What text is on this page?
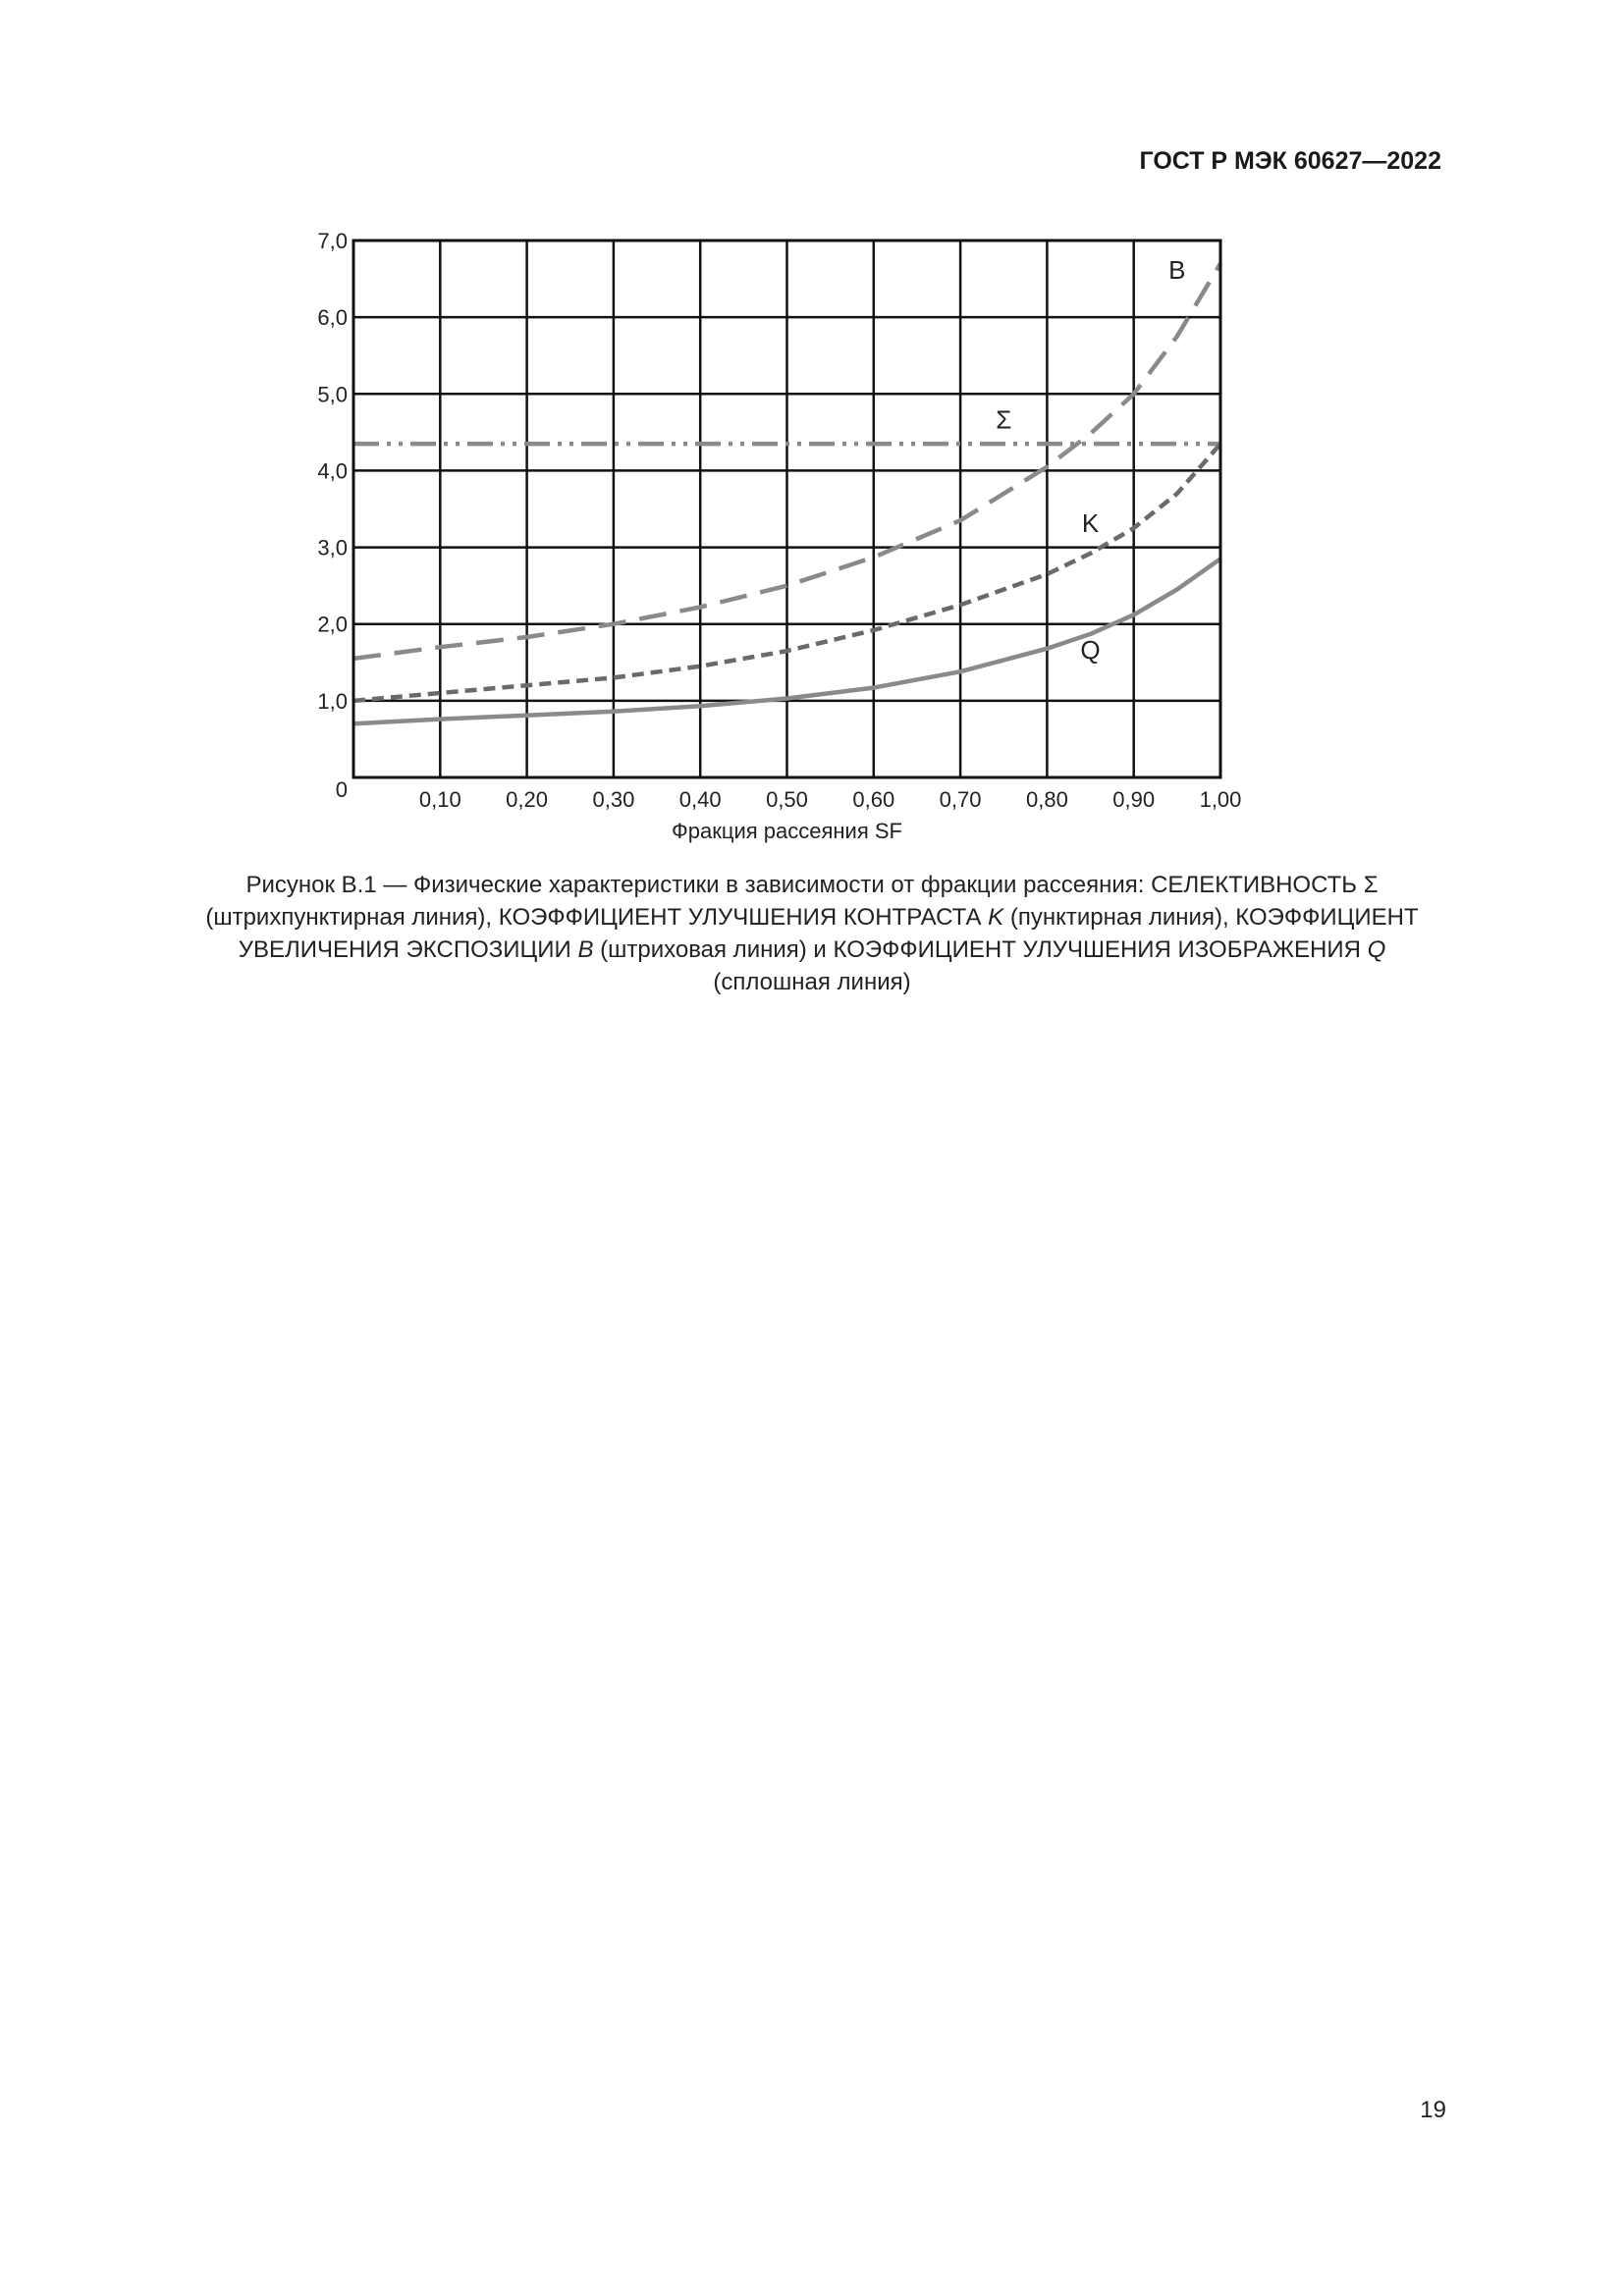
ГОСТ Р МЭК 60627—2022
0,10 0,20 0,30 0,40 0,50 0,60 0,70 0,80 0,90 1,00
0
1,0
2,0
3,0
4,0
5,0
6,0
7,0
B
Σ
K
Q
Фракция рассеяния SF
Рисунок В.1 — Физические характеристики в зависимости от фракции рассеяния: СЕЛЕКТИВНОСТЬ Σ
(штрихпунктирная линия), КОЭФФИЦИЕНТ УЛУЧШЕНИЯ КОНТРАСТА K (пунктирная линия), КОЭФФИЦИЕНТ
УВЕЛИЧЕНИЯ ЭКСПОЗИЦИИ B (штриховая линия) и КОЭФФИЦИЕНТ УЛУЧШЕНИЯ ИЗОБРАЖЕНИЯ Q
(сплошная линия)
19
